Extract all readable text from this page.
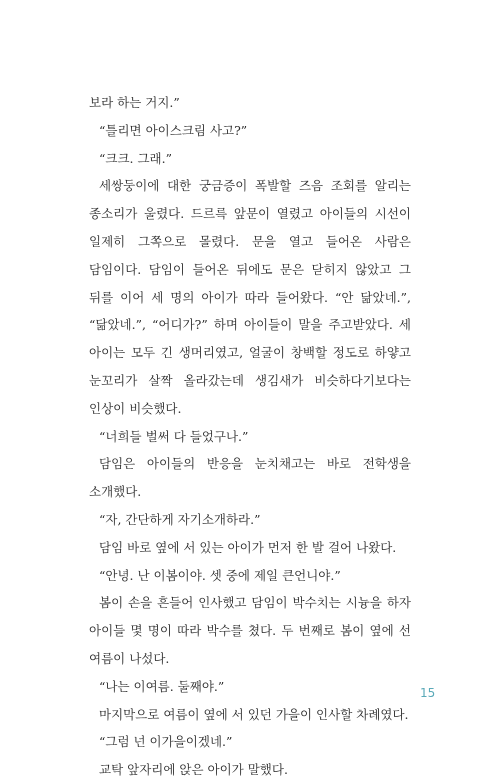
보라 하는 거지.”

“틀리면 아이스크림 사고?”

“크크. 그래.”

세쌍둥이에 대한 궁금증이 폭발할 즈음 조회를 알리는 종소리가 울렸다. 드르륵 앞문이 열렸고 아이들의 시선이 일제히 그쪽으로 몰렸다. 문을 열고 들어온 사람은 담임이다. 담임이 들어온 뒤에도 문은 닫히지 않았고 그 뒤를 이어 세 명의 아이가 따라 들어왔다. “안 닮았네.”, “닮았네.”, “어디가?” 하며 아이들이 말을 주고받았다. 세 아이는 모두 긴 생머리였고, 얼굴이 창백할 정도로 하얗고 눈꼬리가 살짝 올라갔는데 생김새가 비슷하다기보다는 인상이 비슷했다.

“너희들 벌써 다 들었구나.”

담임은 아이들의 반응을 눈치채고는 바로 전학생을 소개했다.

“자, 간단하게 자기소개하라.”

담임 바로 옆에 서 있는 아이가 먼저 한 발 걸어 나왔다.

“안녕. 난 이봄이야. 셋 중에 제일 큰언니야.”

봄이 손을 흔들어 인사했고 담임이 박수치는 시늉을 하자 아이들 몇 명이 따라 박수를 쳤다. 두 번째로 봄이 옆에 선 여름이 나섰다.

“나는 이여름. 둘째야.”

마지막으로 여름이 옆에 서 있던 가을이 인사할 차례였다.

“그럼 넌 이가을이겠네.”

교탁 앞자리에 앉은 아이가 말했다.

15
